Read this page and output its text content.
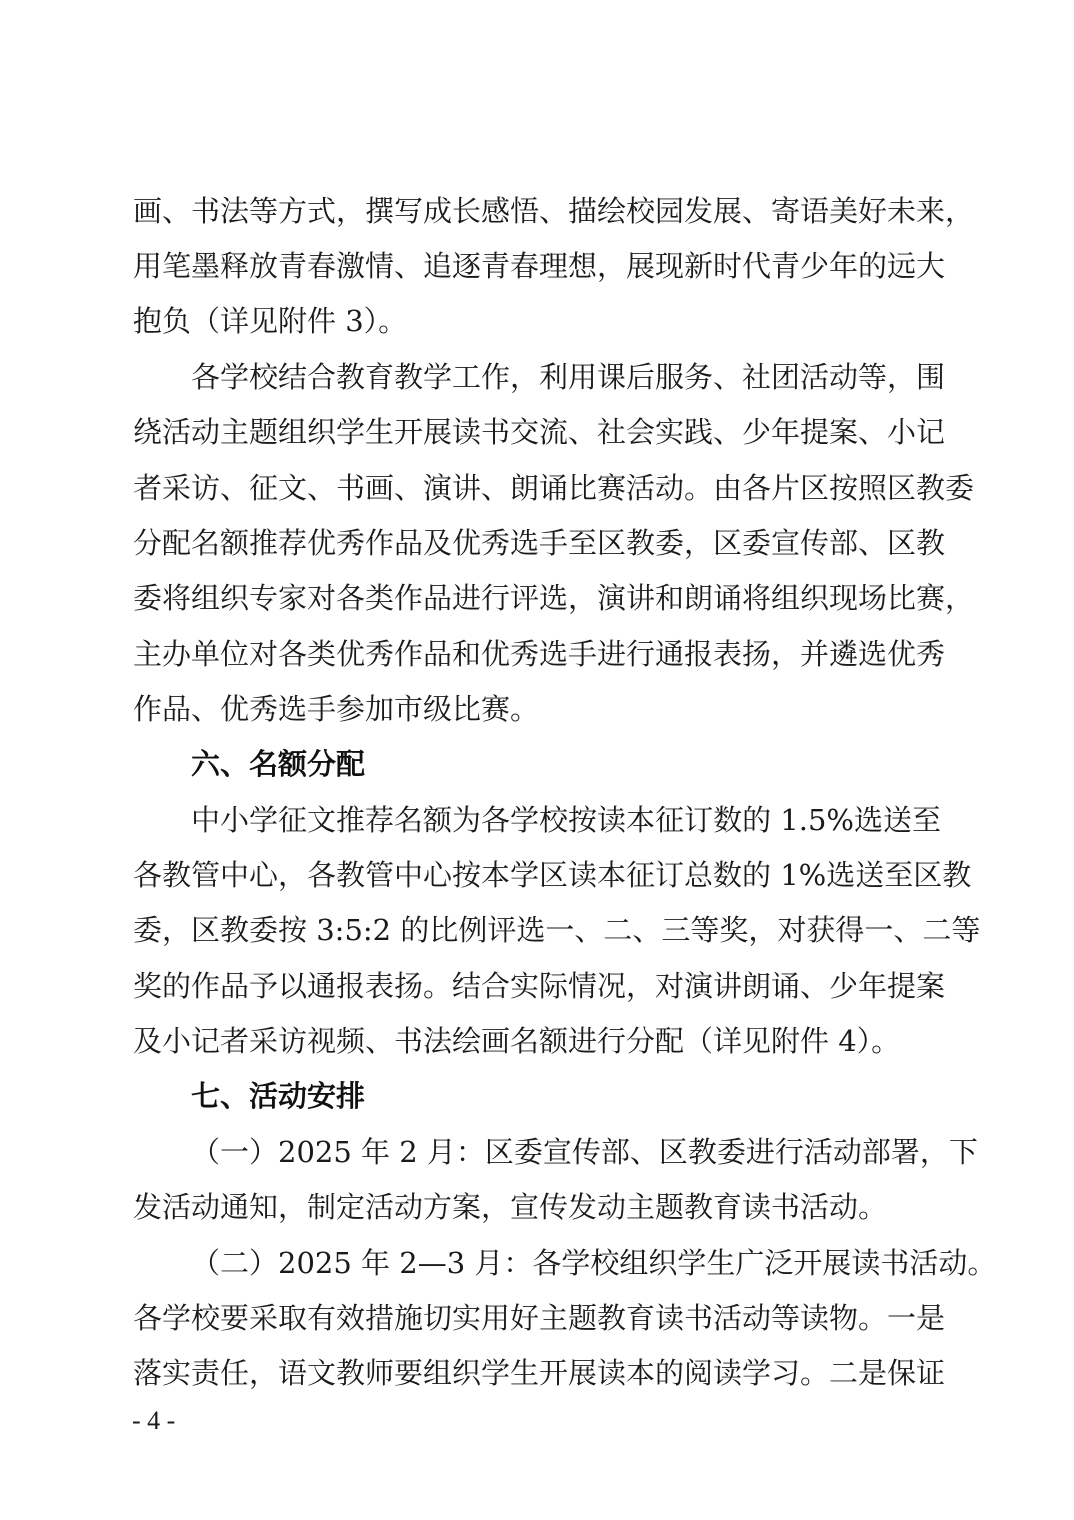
画、书法等方式，撰写成长感悟、描绘校园发展、寄语美好未来，
用笔墨释放青春激情、追逐青春理想，展现新时代青少年的远大
抱负（详见附件 3）。
各学校结合教育教学工作，利用课后服务、社团活动等，围
绕活动主题组织学生开展读书交流、社会实践、少年提案、小记
者采访、征文、书画、演讲、朗诵比赛活动。由各片区按照区教委
分配名额推荐优秀作品及优秀选手至区教委，区委宣传部、区教
委将组织专家对各类作品进行评选，演讲和朗诵将组织现场比赛，
主办单位对各类优秀作品和优秀选手进行通报表扬，并遴选优秀
作品、优秀选手参加市级比赛。
六、名额分配
中小学征文推荐名额为各学校按读本征订数的 1.5%选送至
各教管中心，各教管中心按本学区读本征订总数的 1%选送至区教
委，区教委按 3:5:2 的比例评选一、二、三等奖，对获得一、二等
奖的作品予以通报表扬。结合实际情况，对演讲朗诵、少年提案
及小记者采访视频、书法绘画名额进行分配（详见附件 4）。
七、活动安排
（一）2025 年 2 月：区委宣传部、区教委进行活动部署，下
发活动通知，制定活动方案，宣传发动主题教育读书活动。
（二）2025 年 2—3 月：各学校组织学生广泛开展读书活动。
各学校要采取有效措施切实用好主题教育读书活动等读物。一是
落实责任，语文教师要组织学生开展读本的阅读学习。二是保证
- 4 -
